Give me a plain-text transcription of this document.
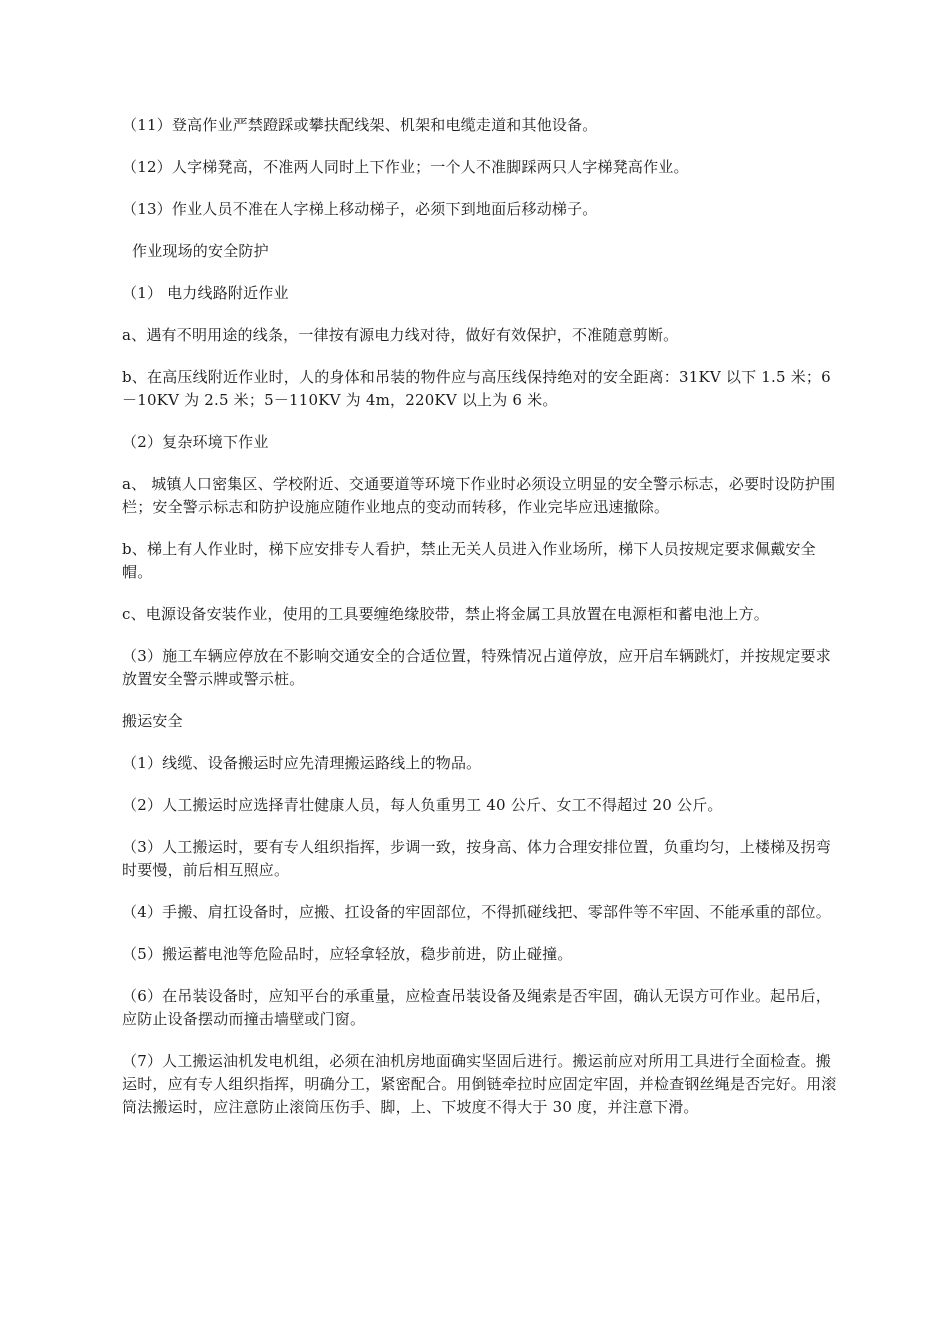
（11）登高作业严禁蹬踩或攀扶配线架、机架和电缆走道和其他设备。

（12）人字梯凳高，不准两人同时上下作业；一个人不准脚踩两只人字梯凳高作业。

（13）作业人员不准在人字梯上移动梯子，必须下到地面后移动梯子。

作业现场的安全防护

（1） 电力线路附近作业

a、遇有不明用途的线条，一律按有源电力线对待，做好有效保护，不准随意剪断。

b、在高压线附近作业时，人的身体和吊装的物件应与高压线保持绝对的安全距离：31KV 以下 1.5 米；6－10KV 为 2.5 米；5－110KV 为 4m，220KV 以上为 6 米。

（2）复杂环境下作业

a、 城镇人口密集区、学校附近、交通要道等环境下作业时必须设立明显的安全警示标志，必要时设防护围栏；安全警示标志和防护设施应随作业地点的变动而转移，作业完毕应迅速撤除。

b、梯上有人作业时，梯下应安排专人看护，禁止无关人员进入作业场所，梯下人员按规定要求佩戴安全帽。

c、电源设备安装作业，使用的工具要缠绝缘胶带，禁止将金属工具放置在电源柜和蓄电池上方。

（3）施工车辆应停放在不影响交通安全的合适位置，特殊情况占道停放，应开启车辆跳灯，并按规定要求放置安全警示牌或警示桩。

搬运安全

（1）线缆、设备搬运时应先清理搬运路线上的物品。

（2）人工搬运时应选择青壮健康人员，每人负重男工 40 公斤、女工不得超过 20 公斤。

（3）人工搬运时，要有专人组织指挥，步调一致，按身高、体力合理安排位置，负重均匀，上楼梯及拐弯时要慢，前后相互照应。

（4）手搬、肩扛设备时，应搬、扛设备的牢固部位，不得抓碰线把、零部件等不牢固、不能承重的部位。

（5）搬运蓄电池等危险品时，应轻拿轻放，稳步前进，防止碰撞。

（6）在吊装设备时，应知平台的承重量，应检查吊装设备及绳索是否牢固，确认无误方可作业。起吊后，应防止设备摆动而撞击墙壁或门窗。

（7）人工搬运油机发电机组，必须在油机房地面确实坚固后进行。搬运前应对所用工具进行全面检查。搬运时，应有专人组织指挥，明确分工，紧密配合。用倒链牵拉时应固定牢固，并检查钢丝绳是否完好。用滚筒法搬运时，应注意防止滚筒压伤手、脚，上、下坡度不得大于 30 度，并注意下滑。
